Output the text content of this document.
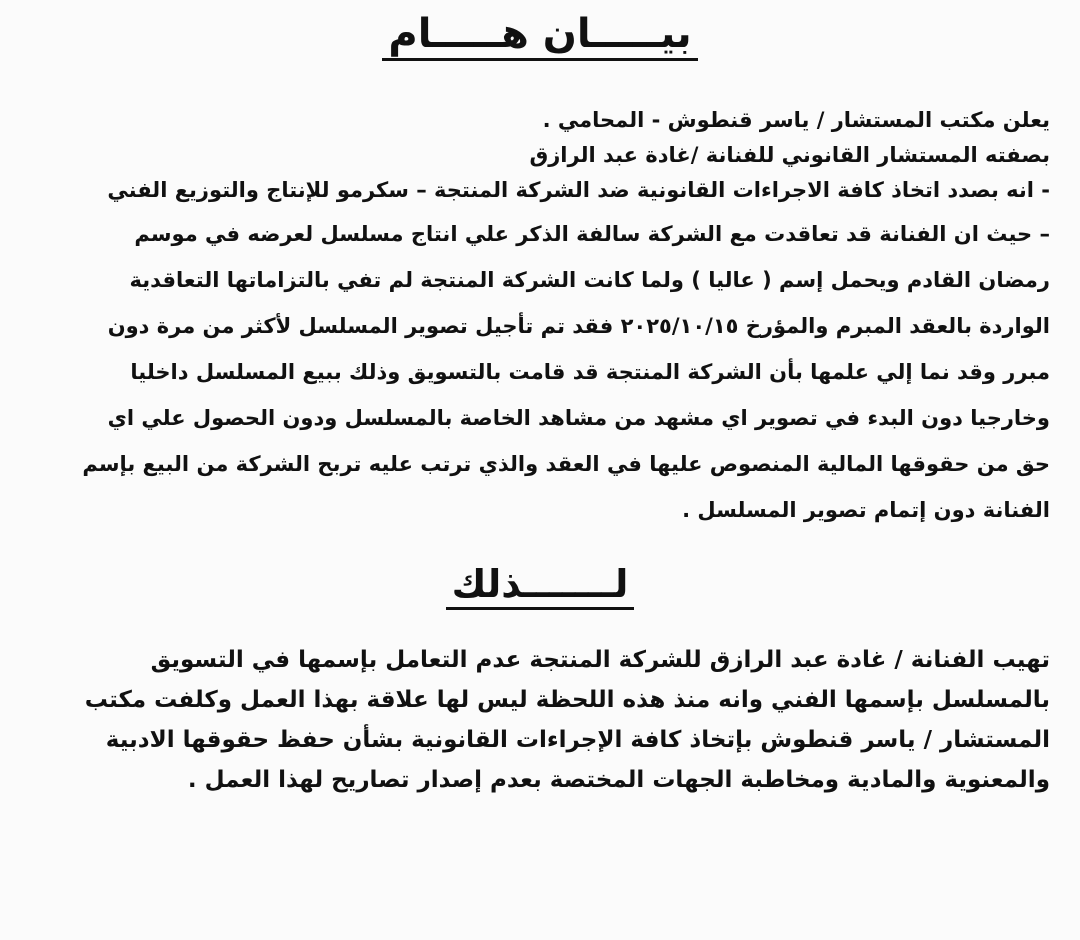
بيـــــان هـــــام

يعلن مكتب المستشار / ياسر قنطوش - المحامي .

بصفته المستشار القانوني للفنانة /غادة عبد الرازق

- انه بصدد اتخاذ كافة الاجراءات القانونية ضد الشركة المنتجة – سكرمو للإنتاج والتوزيع الفني

– حيث ان الفنانة قد تعاقدت مع الشركة سالفة الذكر علي انتاج مسلسل لعرضه في موسم
رمضان القادم ويحمل إسم ( عاليا ) ولما كانت الشركة المنتجة لم تفي بالتزاماتها التعاقدية
الواردة بالعقد المبرم والمؤرخ ٢٠٢٥/١٠/١٥ فقد تم تأجيل تصوير المسلسل لأكثر من مرة دون
مبرر وقد نما إلي علمها بأن الشركة المنتجة قد قامت بالتسويق وذلك ببيع المسلسل داخليا
وخارجيا دون البدء في تصوير اي مشهد من مشاهد الخاصة بالمسلسل ودون الحصول علي اي
حق من حقوقها المالية المنصوص عليها في العقد والذي ترتب عليه تربح الشركة من البيع بإسم
الفنانة دون إتمام تصوير المسلسل .
لـــــــذلك
تهيب الفنانة / غادة عبد الرازق للشركة المنتجة عدم التعامل بإسمها في التسويق
بالمسلسل بإسمها الفني وانه منذ هذه اللحظة ليس لها علاقة بهذا العمل وكلفت مكتب
المستشار / ياسر قنطوش بإتخاذ كافة الإجراءات القانونية بشأن حفظ حقوقها الادبية
والمعنوية والمادية ومخاطبة الجهات المختصة بعدم إصدار تصاريح لهذا العمل .
